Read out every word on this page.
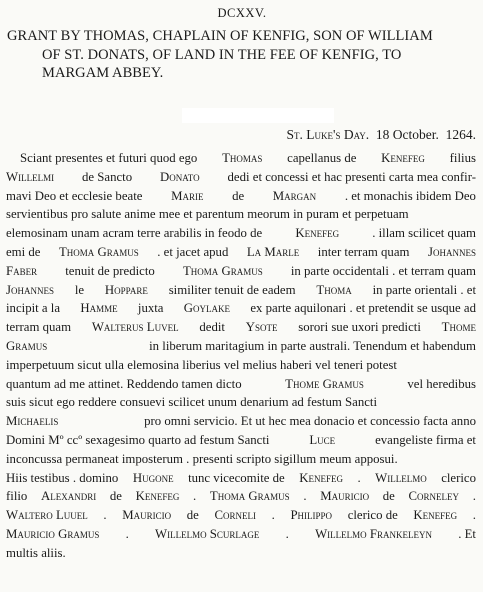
DCXXV.
GRANT BY THOMAS, CHAPLAIN OF KENFIG, SON OF WILLIAM
OF ST. DONATS, OF LAND IN THE FEE OF KENFIG, TO
MARGAM ABBEY.
St. Luke's Day. 18 October. 1264.
Sciant presentes et futuri quod ego Thomas capellanus de Kenefeg filius
Willelmi de Sancto Donato dedi et concessi et hac presenti carta mea confir-
mavi Deo et ecclesie beate Marie de Margan . et monachis ibidem Deo
servientibus pro salute anime mee et parentum meorum in puram et perpetuam
elemosinam unam acram terre arabilis in feodo de	Kenefeg	. illam scilicet quam
emi de Thoma Gramus . et jacet apud La Marle inter terram quam Johannes
Faber tenuit de predicto Thoma Gramus in parte occidentali . et terram quam
Johannes le Hoppare similiter tenuit de eadem Thoma in parte orientali . et
incipit a la Hamme juxta Goylake ex parte aquilonari . et pretendit se usque ad
terram quam Walterus Luvel dedit Ysote sorori sue uxori predicti Thome
Gramus	in liberum maritagium in parte australi. Tenendum et habendum
imperpetuum sicut ulla elemosina liberius vel melius haberi vel teneri potest
quantum ad me attinet. Reddendo tamen dicto	Thome Gramus	vel heredibus
suis sicut ego reddere consuevi scilicet unum denarium ad festum Sancti
Michaelis	pro omni servicio. Et ut hec mea donacio et concessio facta anno
Domini Mº ccº sexagesimo quarto ad festum Sancti	Luce	evangeliste firma et
inconcussa permaneat imposterum . presenti scripto sigillum meum apposui.
Hiis testibus . domino Hugone tunc vicecomite de Kenefeg . Willelmo clerico
filio Alexandri de Kenefeg . Thoma Gramus . Mauricio de Corneley .
Waltero Luuel . Mauricio de Corneli . Philippo clerico de Kenefeg .
Mauricio Gramus . Willelmo Scurlage . Willelmo Frankeleyn . Et
multis aliis.
